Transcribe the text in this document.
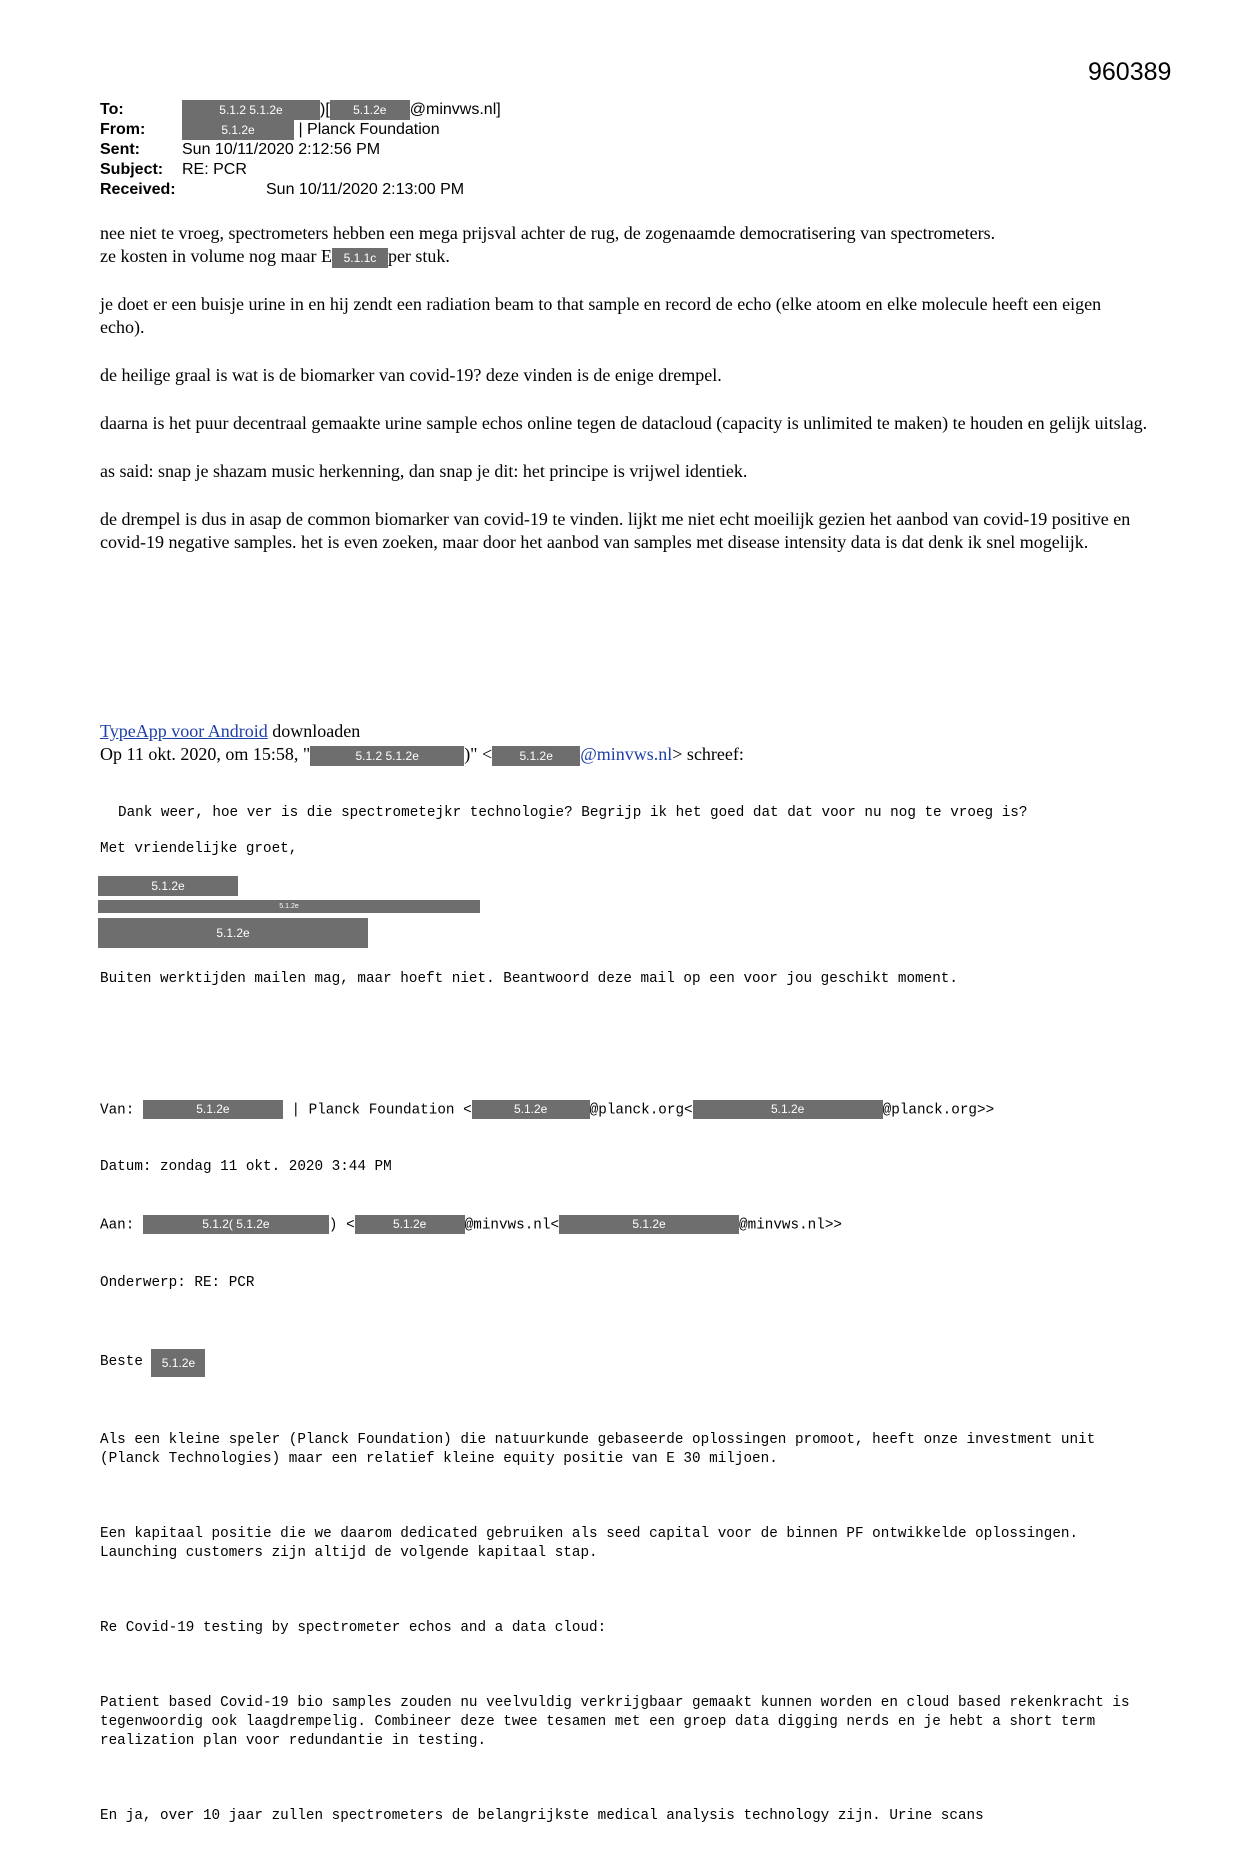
960389
To:	5.1.2 5.1.2e	)[	5.1.2e	@minvws.nl]
From:	5.1.2e
	| Planck Foundation
Sent:	Sun 10/11/2020 2:12:56 PM
Subject:	RE: PCR
Received:	Sun 10/11/2020 2:13:00 PM

nee niet te vroeg, spectrometers hebben een mega prijsval achter de rug, de zogenaamde democratisering van spectrometers.
ze kosten in volume nog maar E 5.1.1c per stuk.

je doet er een buisje urine in en hij zendt een radiation beam to that sample en record de echo (elke atoom en elke molecule heeft een eigen echo).

de heilige graal is wat is de biomarker van covid-19? deze vinden is de enige drempel.

daarna is het puur decentraal gemaakte urine sample echos online tegen de datacloud (capacity is unlimited te maken) te houden en gelijk uitslag.

as said: snap je shazam music herkenning, dan snap je dit: het principe is vrijwel identiek.

de drempel is dus in asap de common biomarker van covid-19 te vinden. lijkt me niet echt moeilijk gezien het aanbod van covid-19 positive en covid-19 negative samples. het is even zoeken, maar door het aanbod van samples met disease intensity data is dat denk ik snel mogelijk.

TypeApp voor Android downloaden
Op 11 okt. 2020, om 15:58, "	5.1.2 5.1.2e	)" < 5.1.2e @minvws.nl> schreef:

Dank weer, hoe ver is die spectrometejkr technologie? Begrijp ik het goed dat dat voor nu nog te vroeg is?

Met vriendelijke groet,
5.1.2e
5.1.2e
5.1.2e
Buiten werktijden mailen mag, maar hoeft niet. Beantwoord deze mail op een voor jou geschikt moment.

Van:	5.1.2e	| Planck Foundation <	5.1.2e	@planck.org<	5.1.2e	@planck.org>>

Datum: zondag 11 okt. 2020 3:44 PM

Aan:	5.1.2( 5.1.2e	) <	5.1.2e	@minvws.nl<	5.1.2e	@minvws.nl>>

Onderwerp: RE: PCR

Beste 5.1.2e

Als een kleine speler (Planck Foundation) die natuurkunde gebaseerde oplossingen promoot, heeft onze investment unit (Planck Technologies) maar een relatief kleine equity positie van E 30 miljoen.

Een kapitaal positie die we daarom dedicated gebruiken als seed capital voor de binnen PF ontwikkelde oplossingen. Launching customers zijn altijd de volgende kapitaal stap.

Re Covid-19 testing by spectrometer echos and a data cloud:

Patient based Covid-19 bio samples zouden nu veelvuldig verkrijgbaar gemaakt kunnen worden en cloud based rekenkracht is tegenwoordig ook laagdrempelig. Combineer deze twee tesamen met een groep data digging nerds en je hebt a short term realization plan voor redundantie in testing.

En ja, over 10 jaar zullen spectrometers de belangrijkste medical analysis technology zijn. Urine scans
